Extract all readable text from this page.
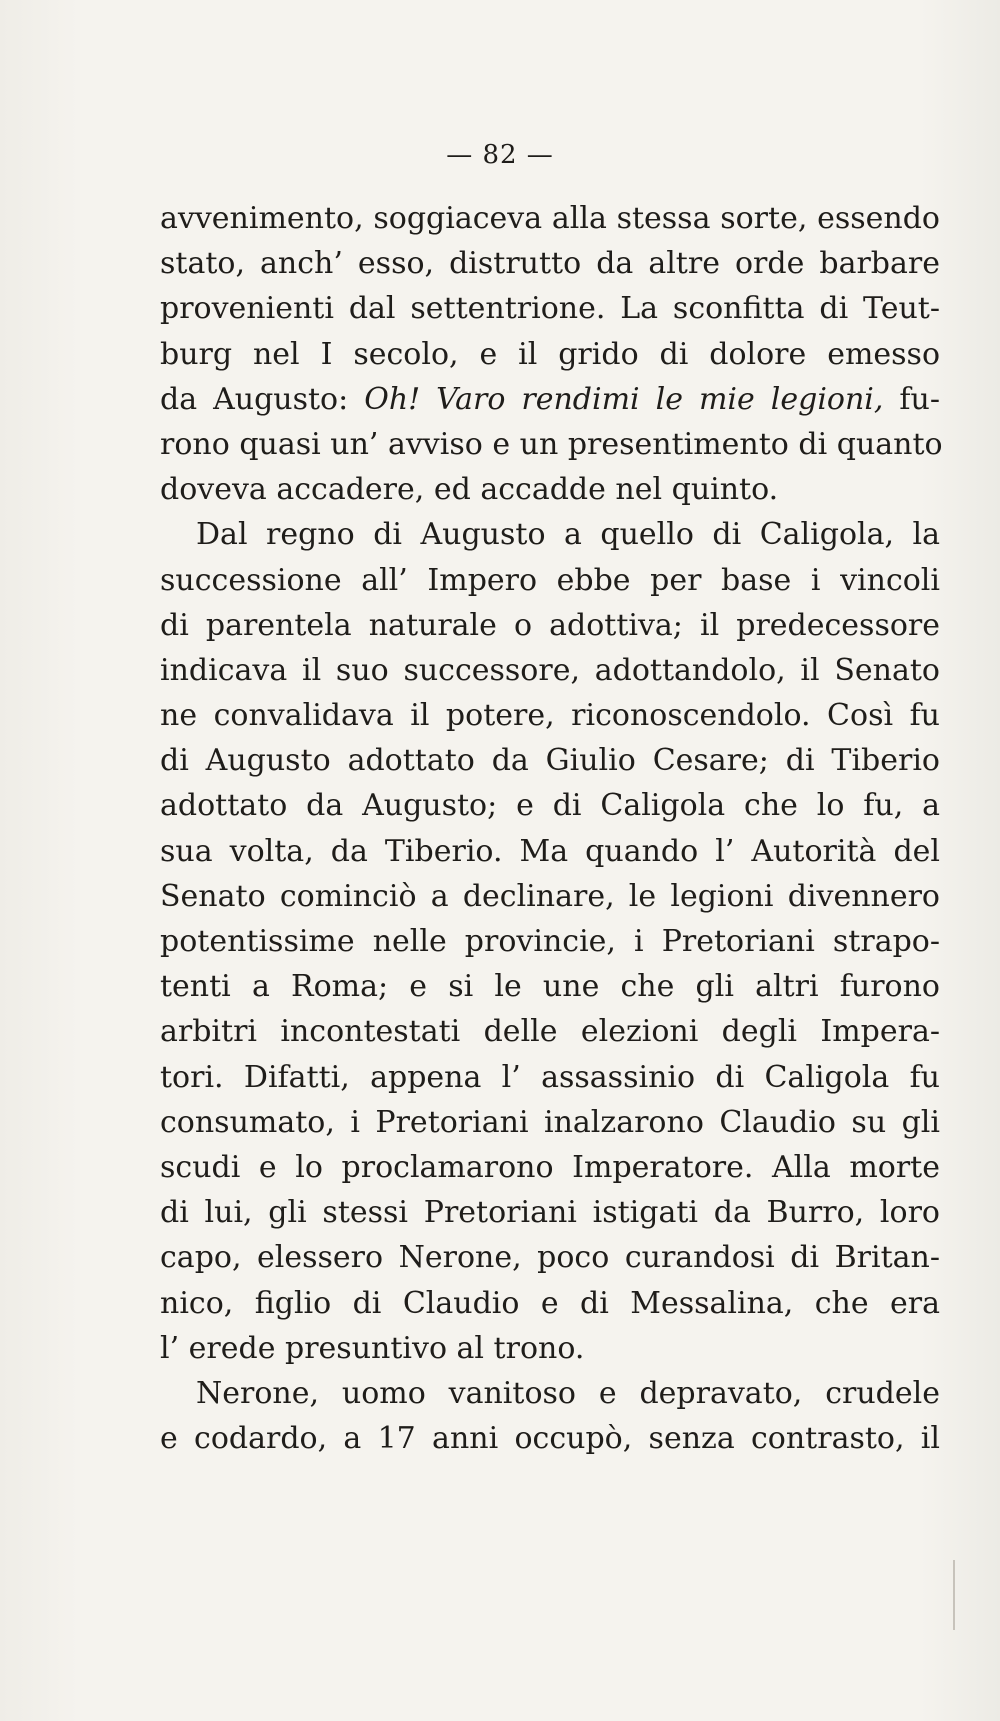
— 82 —
avvenimento, soggiaceva alla stessa sorte, essendo
stato, anch’ esso, distrutto da altre orde barbare
provenienti dal settentrione. La sconfitta di Teut-
burg nel I secolo, e il grido di dolore emesso
da Augusto: Oh! Varo rendimi le mie legioni, fu-
rono quasi un’ avviso e un presentimento di quanto
doveva accadere, ed accadde nel quinto.
Dal regno di Augusto a quello di Caligola, la
successione all’ Impero ebbe per base i vincoli
di parentela naturale o adottiva; il predecessore
indicava il suo successore, adottandolo, il Senato
ne convalidava il potere, riconoscendolo. Così fu
di Augusto adottato da Giulio Cesare; di Tiberio
adottato da Augusto; e di Caligola che lo fu, a
sua volta, da Tiberio. Ma quando l’ Autorità del
Senato cominciò a declinare, le legioni divennero
potentissime nelle provincie, i Pretoriani strapo-
tenti a Roma; e si le une che gli altri furono
arbitri incontestati delle elezioni degli Impera-
tori. Difatti, appena l’ assassinio di Caligola fu
consumato, i Pretoriani inalzarono Claudio su gli
scudi e lo proclamarono Imperatore. Alla morte
di lui, gli stessi Pretoriani istigati da Burro, loro
capo, elessero Nerone, poco curandosi di Britan-
nico, figlio di Claudio e di Messalina, che era
l’ erede presuntivo al trono.
Nerone, uomo vanitoso e depravato, crudele
e codardo, a 17 anni occupò, senza contrasto, il
